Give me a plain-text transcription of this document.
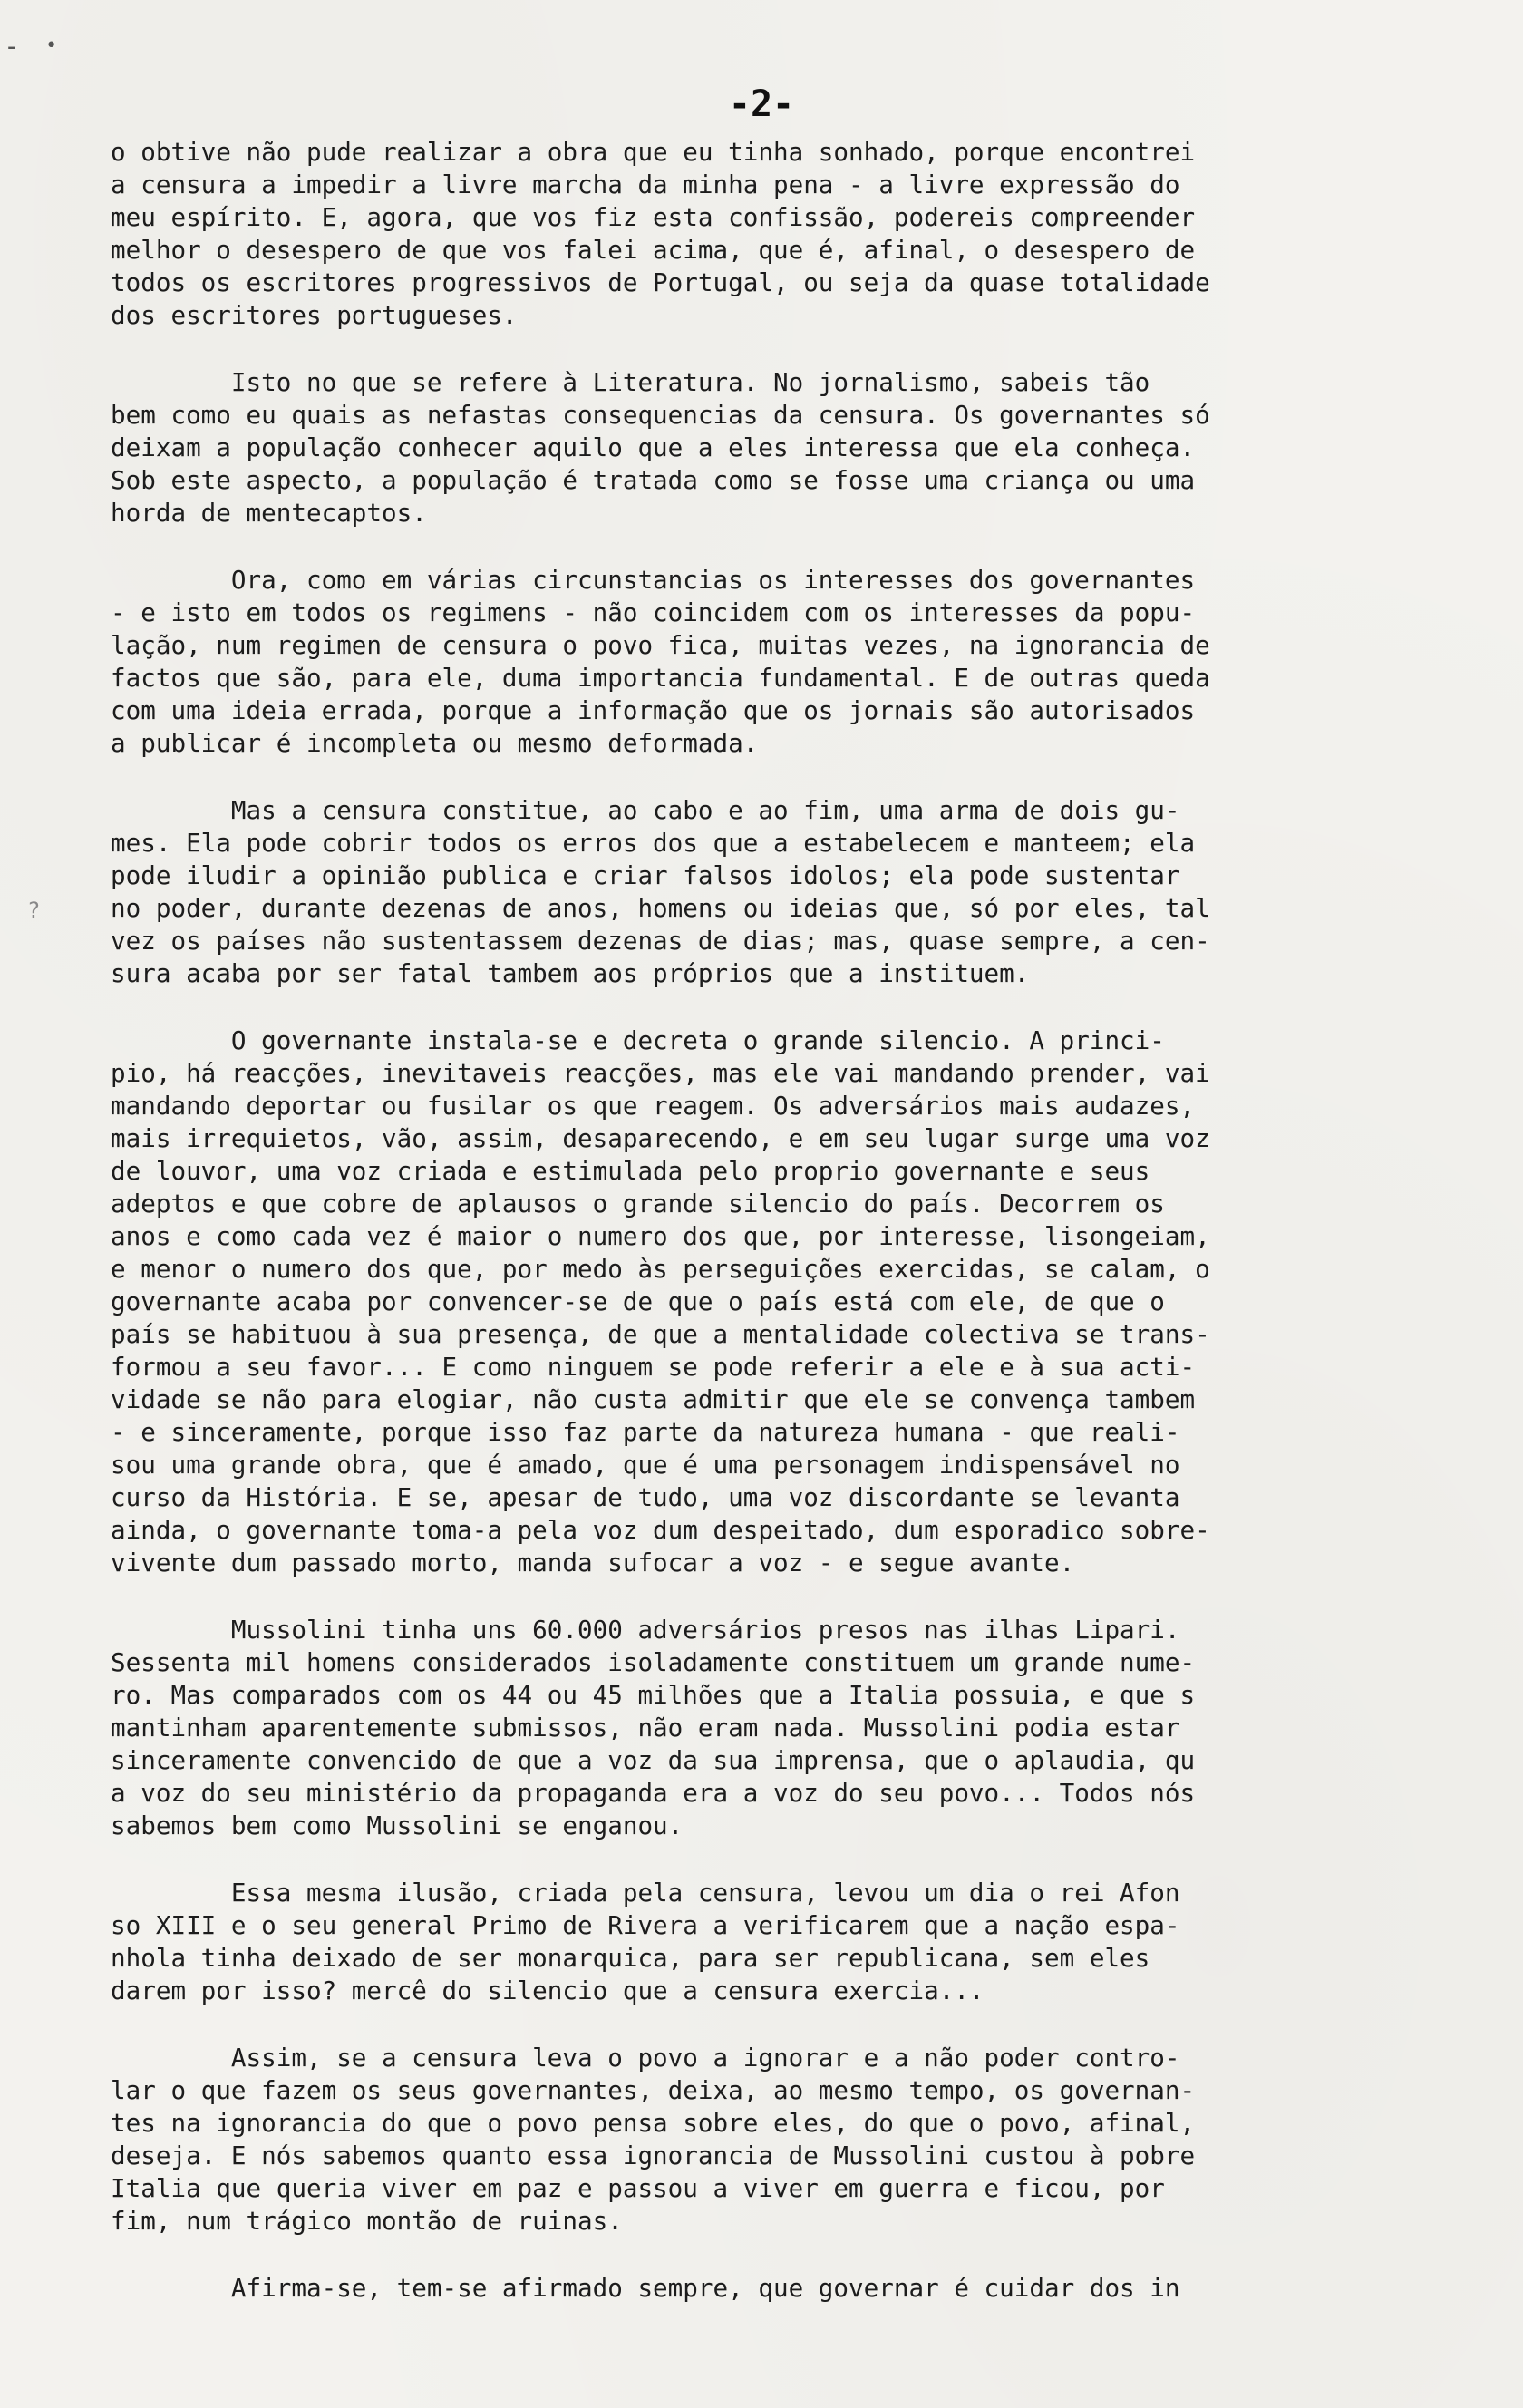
- •
?
-2-
o obtive não pude realizar a obra que eu tinha sonhado, porque encontrei
a censura a impedir a livre marcha da minha pena - a livre expressão do
meu espírito. E, agora, que vos fiz esta confissão, podereis compreender
melhor o desespero de que vos falei acima, que é, afinal, o desespero de
todos os escritores progressivos de Portugal, ou seja da quase totalidade
dos escritores portugueses.
Isto no que se refere à Literatura. No jornalismo, sabeis tão
bem como eu quais as nefastas consequencias da censura. Os governantes só
deixam a população conhecer aquilo que a eles interessa que ela conheça.
Sob este aspecto, a população é tratada como se fosse uma criança ou uma
horda de mentecaptos.
Ora, como em várias circunstancias os interesses dos governantes
- e isto em todos os regimens - não coincidem com os interesses da popu-
lação, num regimen de censura o povo fica, muitas vezes, na ignorancia de
factos que são, para ele, duma importancia fundamental. E de outras queda
com uma ideia errada, porque a informação que os jornais são autorisados
a publicar é incompleta ou mesmo deformada.
Mas a censura constitue, ao cabo e ao fim, uma arma de dois gu-
mes. Ela pode cobrir todos os erros dos que a estabelecem e manteem; ela
pode iludir a opinião publica e criar falsos idolos; ela pode sustentar
no poder, durante dezenas de anos, homens ou ideias que, só por eles, tal
vez os países não sustentassem dezenas de dias; mas, quase sempre, a cen-
sura acaba por ser fatal tambem aos próprios que a instituem.
O governante instala-se e decreta o grande silencio. A princi-
pio, há reacções, inevitaveis reacções, mas ele vai mandando prender, vai
mandando deportar ou fusilar os que reagem. Os adversários mais audazes,
mais irrequietos, vão, assim, desaparecendo, e em seu lugar surge uma voz
de louvor, uma voz criada e estimulada pelo proprio governante e seus
adeptos e que cobre de aplausos o grande silencio do país. Decorrem os
anos e como cada vez é maior o numero dos que, por interesse, lisongeiam,
e menor o numero dos que, por medo às perseguições exercidas, se calam, o
governante acaba por convencer-se de que o país está com ele, de que o
país se habituou à sua presença, de que a mentalidade colectiva se trans-
formou a seu favor... E como ninguem se pode referir a ele e à sua acti-
vidade se não para elogiar, não custa admitir que ele se convença tambem
- e sinceramente, porque isso faz parte da natureza humana - que reali-
sou uma grande obra, que é amado, que é uma personagem indispensável no
curso da História. E se, apesar de tudo, uma voz discordante se levanta
ainda, o governante toma-a pela voz dum despeitado, dum esporadico sobre-
vivente dum passado morto, manda sufocar a voz - e segue avante.
Mussolini tinha uns 60.000 adversários presos nas ilhas Lipari.
Sessenta mil homens considerados isoladamente constituem um grande nume-
ro. Mas comparados com os 44 ou 45 milhões que a Italia possuia, e que s
mantinham aparentemente submissos, não eram nada. Mussolini podia estar
sinceramente convencido de que a voz da sua imprensa, que o aplaudia, qu
a voz do seu ministério da propaganda era a voz do seu povo... Todos nós
sabemos bem como Mussolini se enganou.
Essa mesma ilusão, criada pela censura, levou um dia o rei Afon
so XIII e o seu general Primo de Rivera a verificarem que a nação espa-
nhola tinha deixado de ser monarquica, para ser republicana, sem eles
darem por isso? mercê do silencio que a censura exercia...
Assim, se a censura leva o povo a ignorar e a não poder contro-
lar o que fazem os seus governantes, deixa, ao mesmo tempo, os governan-
tes na ignorancia do que o povo pensa sobre eles, do que o povo, afinal,
deseja. E nós sabemos quanto essa ignorancia de Mussolini custou à pobre
Italia que queria viver em paz e passou a viver em guerra e ficou, por
fim, num trágico montão de ruinas.
Afirma-se, tem-se afirmado sempre, que governar é cuidar dos in
